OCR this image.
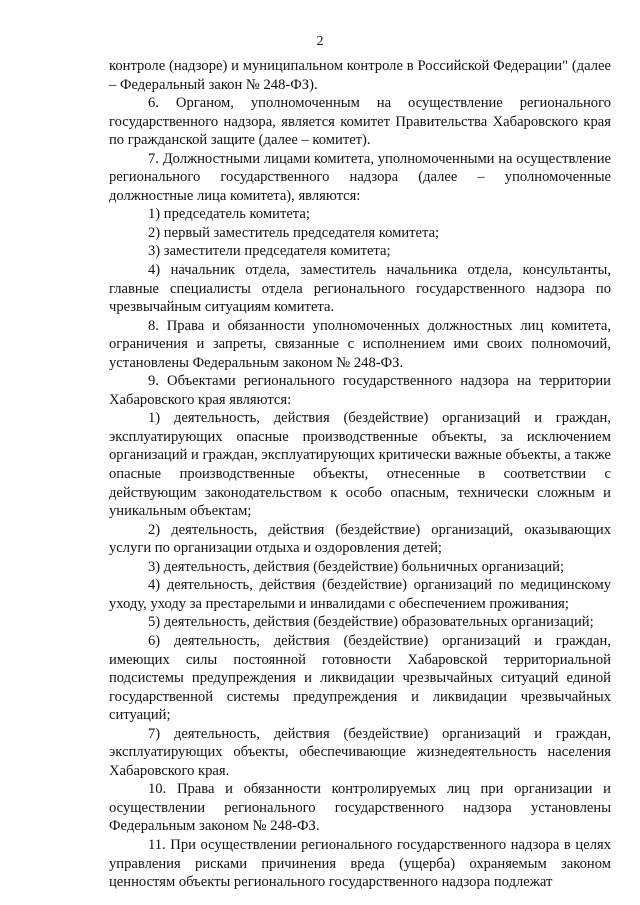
2

контроле (надзоре) и муниципальном контроле в Российской Федерации" (далее – Федеральный закон № 248-ФЗ).

6. Органом, уполномоченным на осуществление регионального государственного надзора, является комитет Правительства Хабаровского края по гражданской защите (далее – комитет).

7. Должностными лицами комитета, уполномоченными на осуществление регионального государственного надзора (далее – уполномоченные должностные лица комитета), являются:

1) председатель комитета;

2) первый заместитель председателя комитета;

3) заместители председателя комитета;

4) начальник отдела, заместитель начальника отдела, консультанты, главные специалисты отдела регионального государственного надзора по чрезвычайным ситуациям комитета.

8. Права и обязанности уполномоченных должностных лиц комитета, ограничения и запреты, связанные с исполнением ими своих полномочий, установлены Федеральным законом № 248-ФЗ.

9. Объектами регионального государственного надзора на территории Хабаровского края являются:

1) деятельность, действия (бездействие) организаций и граждан, эксплуатирующих опасные производственные объекты, за исключением организаций и граждан, эксплуатирующих критически важные объекты, а также опасные производственные объекты, отнесенные в соответствии с действующим законодательством к особо опасным, технически сложным и уникальным объектам;

2) деятельность, действия (бездействие) организаций, оказывающих услуги по организации отдыха и оздоровления детей;

3) деятельность, действия (бездействие) больничных организаций;

4) деятельность, действия (бездействие) организаций по медицинскому уходу, уходу за престарелыми и инвалидами с обеспечением проживания;

5) деятельность, действия (бездействие) образовательных организаций;

6) деятельность, действия (бездействие) организаций и граждан, имеющих силы постоянной готовности Хабаровской территориальной подсистемы предупреждения и ликвидации чрезвычайных ситуаций единой государственной системы предупреждения и ликвидации чрезвычайных ситуаций;

7) деятельность, действия (бездействие) организаций и граждан, эксплуатирующих объекты, обеспечивающие жизнедеятельность населения Хабаровского края.

10. Права и обязанности контролируемых лиц при организации и осуществлении регионального государственного надзора установлены Федеральным законом № 248-ФЗ.

11. При осуществлении регионального государственного надзора в целях управления рисками причинения вреда (ущерба) охраняемым законом ценностям объекты регионального государственного надзора подлежат
